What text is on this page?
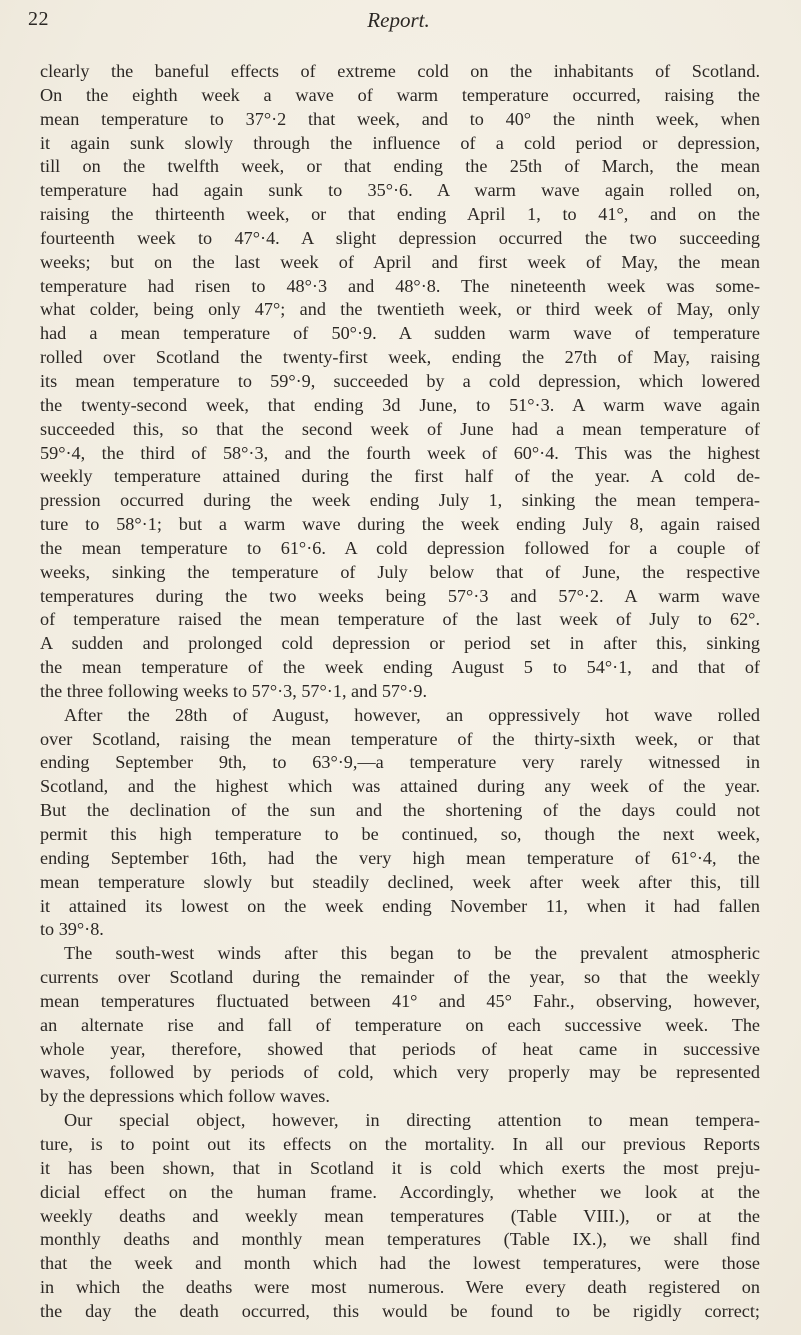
22	Report.
clearly the baneful effects of extreme cold on the inhabitants of Scotland.
On the eighth week a wave of warm temperature occurred, raising the
mean temperature to 37°·2 that week, and to 40° the ninth week, when
it again sunk slowly through the influence of a cold period or depression,
till on the twelfth week, or that ending the 25th of March, the mean
temperature had again sunk to 35°·6. A warm wave again rolled on,
raising the thirteenth week, or that ending April 1, to 41°, and on the
fourteenth week to 47°·4. A slight depression occurred the two succeeding
weeks; but on the last week of April and first week of May, the mean
temperature had risen to 48°·3 and 48°·8. The nineteenth week was some-
what colder, being only 47°; and the twentieth week, or third week of May, only
had a mean temperature of 50°·9. A sudden warm wave of temperature
rolled over Scotland the twenty-first week, ending the 27th of May, raising
its mean temperature to 59°·9, succeeded by a cold depression, which lowered
the twenty-second week, that ending 3d June, to 51°·3. A warm wave again
succeeded this, so that the second week of June had a mean temperature of
59°·4, the third of 58°·3, and the fourth week of 60°·4. This was the highest
weekly temperature attained during the first half of the year. A cold de-
pression occurred during the week ending July 1, sinking the mean tempera-
ture to 58°·1; but a warm wave during the week ending July 8, again raised
the mean temperature to 61°·6. A cold depression followed for a couple of
weeks, sinking the temperature of July below that of June, the respective
temperatures during the two weeks being 57°·3 and 57°·2. A warm wave
of temperature raised the mean temperature of the last week of July to 62°.
A sudden and prolonged cold depression or period set in after this, sinking
the mean temperature of the week ending August 5 to 54°·1, and that of
the three following weeks to 57°·3, 57°·1, and 57°·9.
After the 28th of August, however, an oppressively hot wave rolled
over Scotland, raising the mean temperature of the thirty-sixth week, or that
ending September 9th, to 63°·9,—a temperature very rarely witnessed in
Scotland, and the highest which was attained during any week of the year.
But the declination of the sun and the shortening of the days could not
permit this high temperature to be continued, so, though the next week,
ending September 16th, had the very high mean temperature of 61°·4, the
mean temperature slowly but steadily declined, week after week after this, till
it attained its lowest on the week ending November 11, when it had fallen
to 39°·8.
The south-west winds after this began to be the prevalent atmospheric
currents over Scotland during the remainder of the year, so that the weekly
mean temperatures fluctuated between 41° and 45° Fahr., observing, however,
an alternate rise and fall of temperature on each successive week. The
whole year, therefore, showed that periods of heat came in successive
waves, followed by periods of cold, which very properly may be represented
by the depressions which follow waves.
Our special object, however, in directing attention to mean tempera-
ture, is to point out its effects on the mortality. In all our previous Reports
it has been shown, that in Scotland it is cold which exerts the most preju-
dicial effect on the human frame. Accordingly, whether we look at the
weekly deaths and weekly mean temperatures (Table VIII.), or at the
monthly deaths and monthly mean temperatures (Table IX.), we shall find
that the week and month which had the lowest temperatures, were those
in which the deaths were most numerous. Were every death registered on
the day the death occurred, this would be found to be rigidly correct;
